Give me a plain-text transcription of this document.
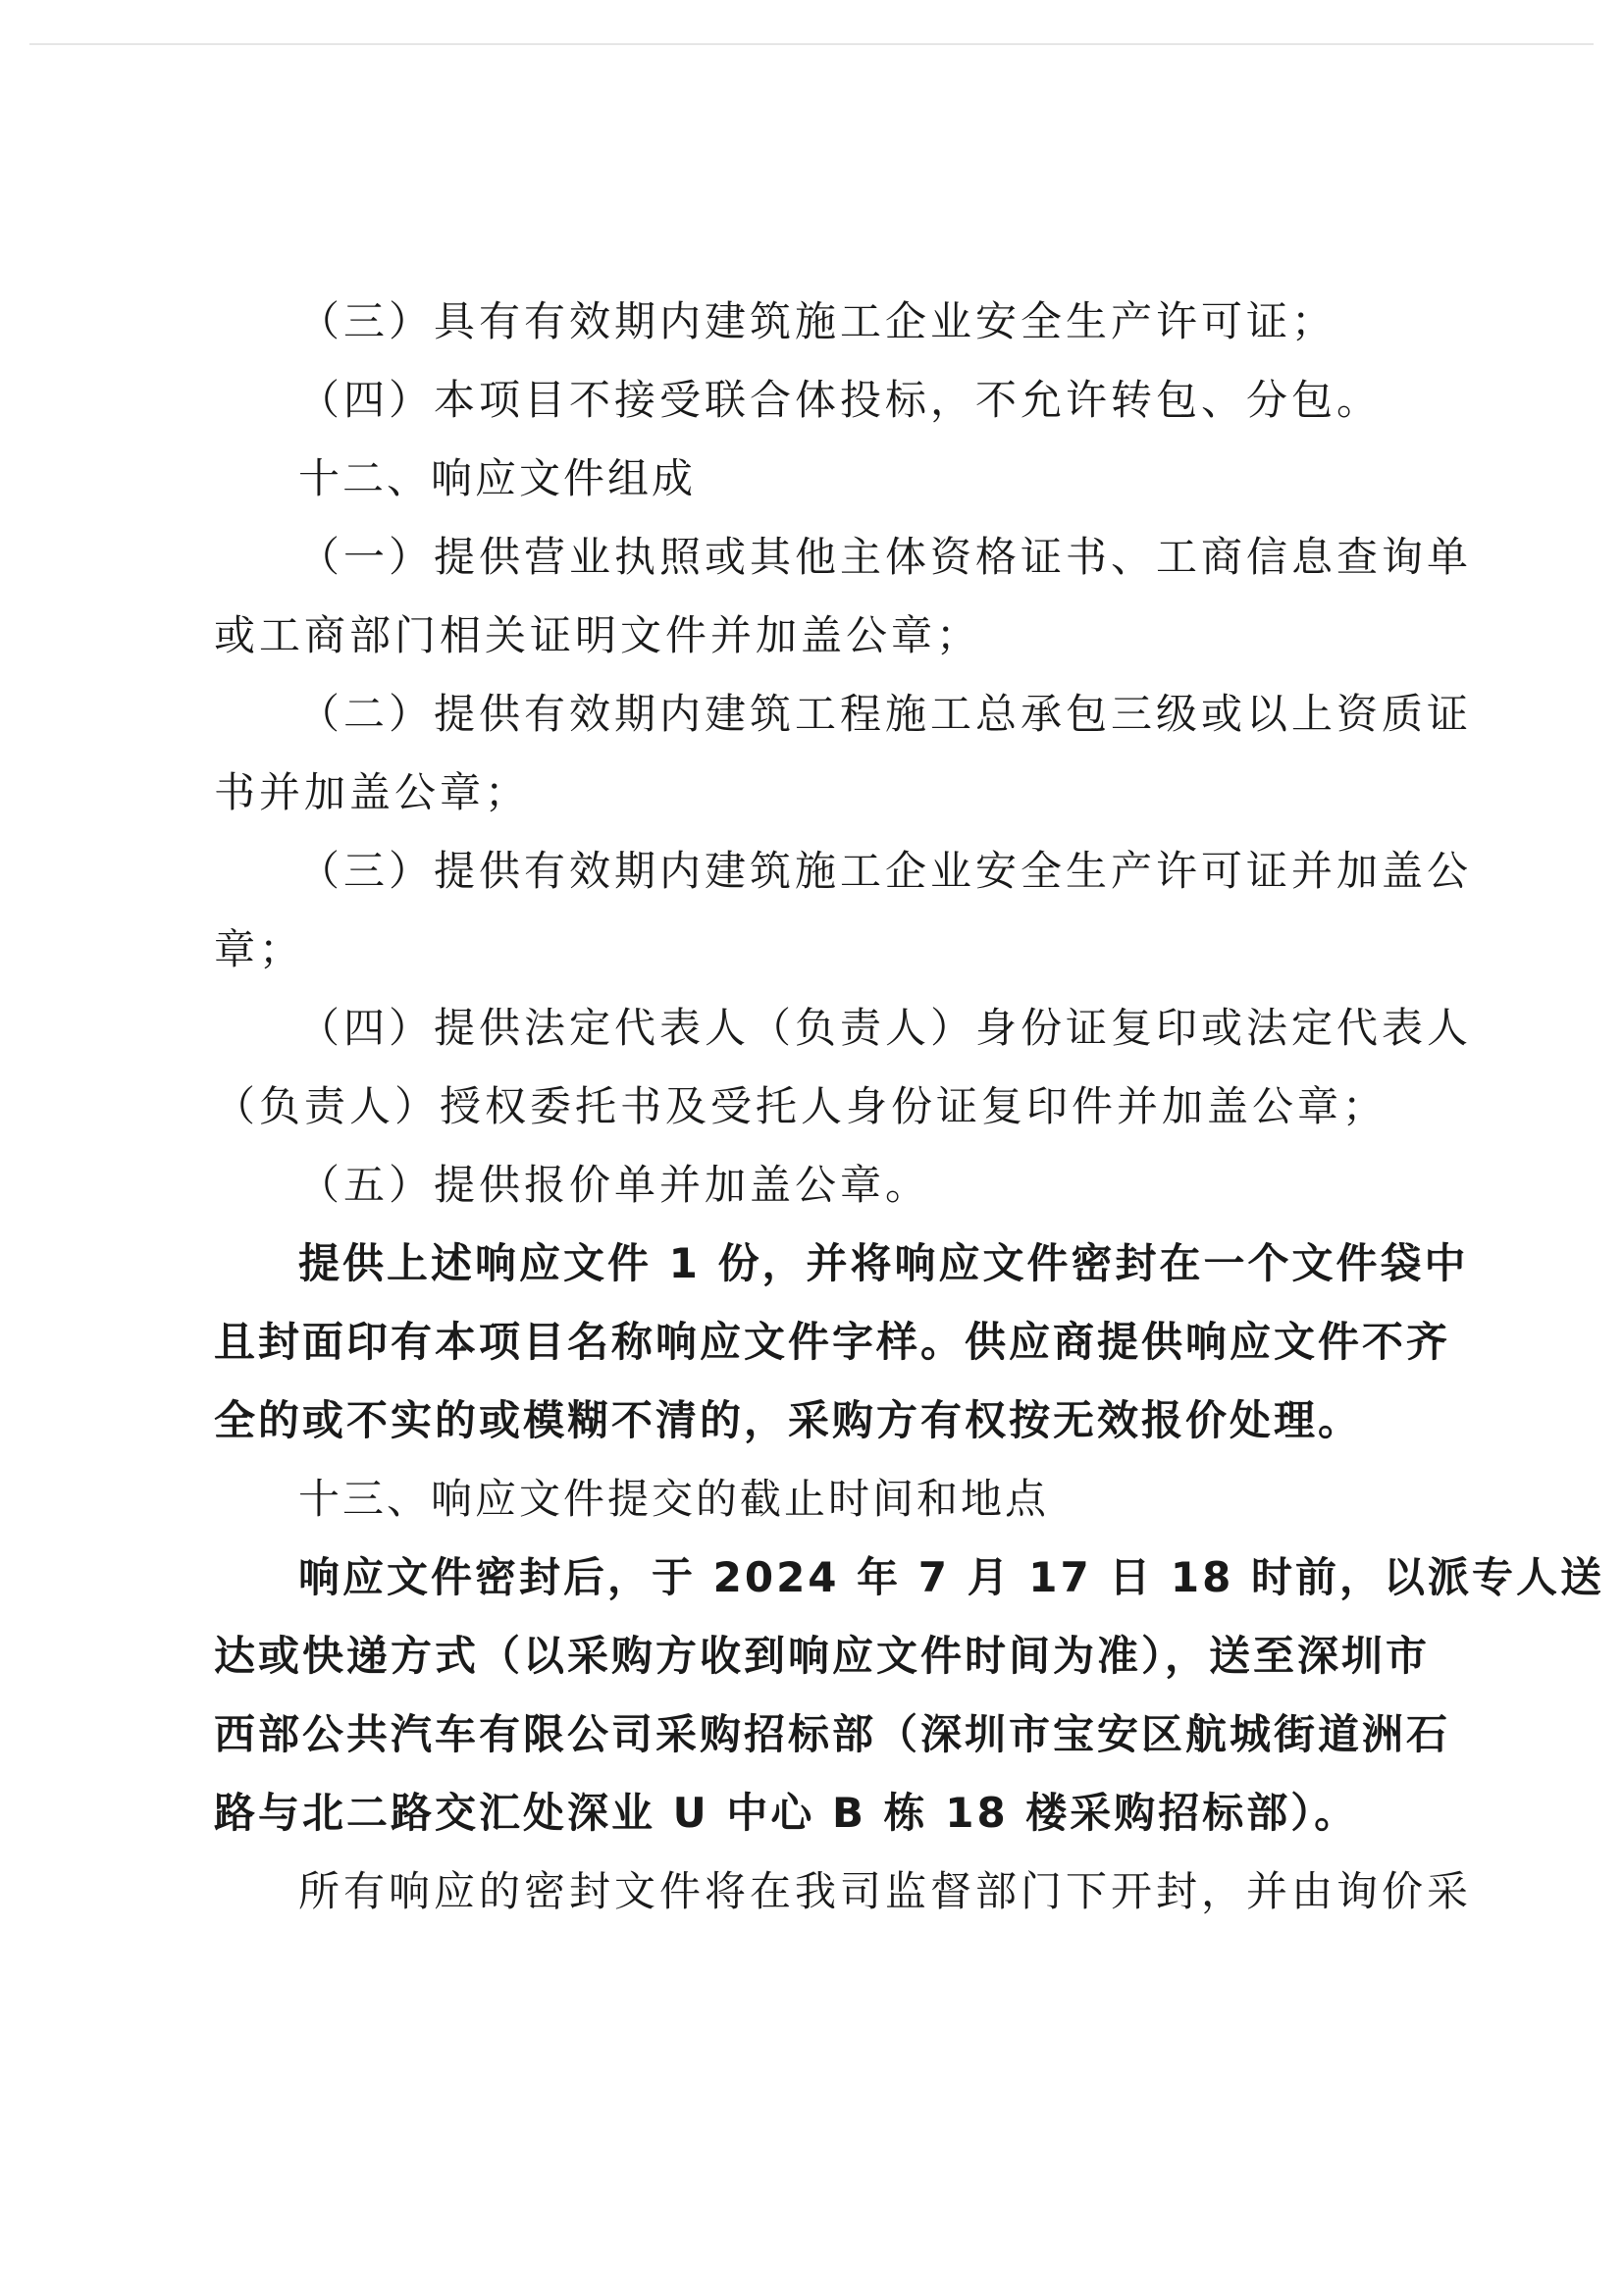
（三）具有有效期内建筑施工企业安全生产许可证；
（四）本项目不接受联合体投标，不允许转包、分包。
十二、响应文件组成
（一）提供营业执照或其他主体资格证书、工商信息查询单
或工商部门相关证明文件并加盖公章；
（二）提供有效期内建筑工程施工总承包三级或以上资质证
书并加盖公章；
（三）提供有效期内建筑施工企业安全生产许可证并加盖公
章；
（四）提供法定代表人（负责人）身份证复印或法定代表人
（负责人）授权委托书及受托人身份证复印件并加盖公章；
（五）提供报价单并加盖公章。
提供上述响应文件 1 份，并将响应文件密封在一个文件袋中
且封面印有本项目名称响应文件字样。供应商提供响应文件不齐
全的或不实的或模糊不清的，采购方有权按无效报价处理。
十三、响应文件提交的截止时间和地点
响应文件密封后，于 2024 年 7 月 17 日 18 时前，以派专人送
达或快递方式（以采购方收到响应文件时间为准），送至深圳市
西部公共汽车有限公司采购招标部（深圳市宝安区航城街道洲石
路与北二路交汇处深业 U 中心 B 栋 18 楼采购招标部）。
所有响应的密封文件将在我司监督部门下开封，并由询价采
